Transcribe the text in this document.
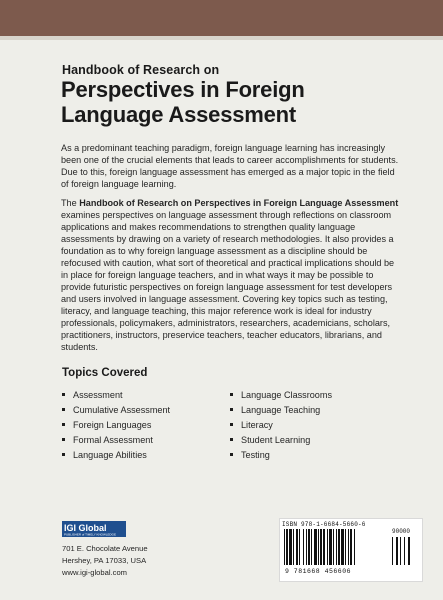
Handbook of Research on
Perspectives in Foreign Language Assessment

As a predominant teaching paradigm, foreign language learning has increasingly been one of the crucial elements that leads to career accomplishments for students. Due to this, foreign language assessment has emerged as a major topic in the field of foreign language learning.

The Handbook of Research on Perspectives in Foreign Language Assessment examines perspectives on language assessment through reflections on classroom applications and makes recommendations to strengthen quality language assessments by drawing on a variety of research methodologies. It also provides a foundation as to why foreign language assessment as a discipline should be refocused with caution, what sort of theoretical and practical implications should be in place for foreign language teachers, and in what ways it may be possible to provide futuristic perspectives on foreign language assessment for test developers and users involved in language assessment. Covering key topics such as testing, literacy, and language teaching, this major reference work is ideal for industry professionals, policymakers, administrators, researchers, academicians, scholars, practitioners, instructors, preservice teachers, teacher educators, librarians, and students.

Topics Covered
Assessment
Cumulative Assessment
Foreign Languages
Formal Assessment
Language Abilities
Language Classrooms
Language Teaching
Literacy
Student Learning
Testing
IGI Global
PUBLISHER of TIMELY KNOWLEDGE
701 E. Chocolate Avenue
Hershey, PA 17033, USA
www.igi-global.com
ISBN 978-1-6684-5660-6
90000
9 781668 456606
